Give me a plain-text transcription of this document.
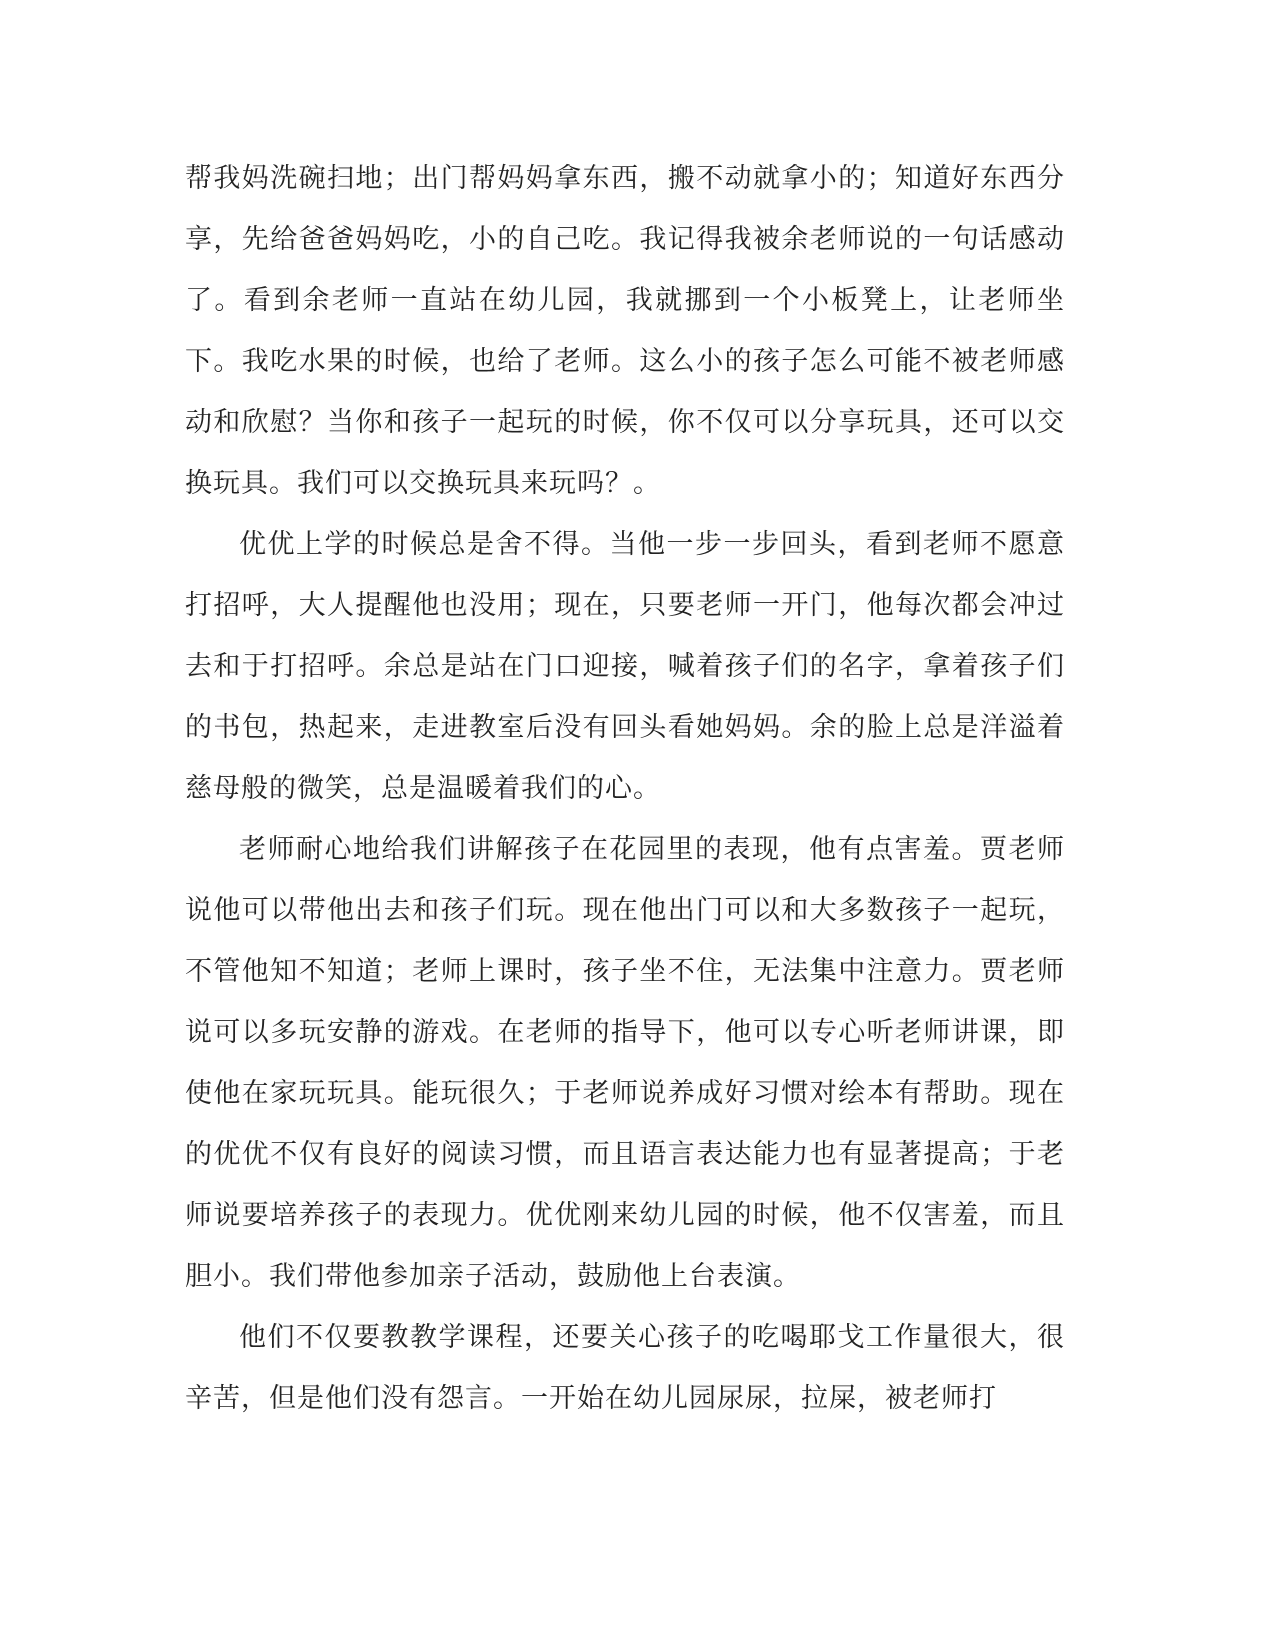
帮我妈洗碗扫地；出门帮妈妈拿东西，搬不动就拿小的；知道好东西分享，先给爸爸妈妈吃，小的自己吃。我记得我被余老师说的一句话感动了。看到余老师一直站在幼儿园，我就挪到一个小板凳上，让老师坐下。我吃水果的时候，也给了老师。这么小的孩子怎么可能不被老师感动和欣慰？当你和孩子一起玩的时候，你不仅可以分享玩具，还可以交换玩具。我们可以交换玩具来玩吗？。

优优上学的时候总是舍不得。当他一步一步回头，看到老师不愿意打招呼，大人提醒他也没用；现在，只要老师一开门，他每次都会冲过去和于打招呼。余总是站在门口迎接，喊着孩子们的名字，拿着孩子们的书包，热起来，走进教室后没有回头看她妈妈。余的脸上总是洋溢着慈母般的微笑，总是温暖着我们的心。

老师耐心地给我们讲解孩子在花园里的表现，他有点害羞。贾老师说他可以带他出去和孩子们玩。现在他出门可以和大多数孩子一起玩，不管他知不知道；老师上课时，孩子坐不住，无法集中注意力。贾老师说可以多玩安静的游戏。在老师的指导下，他可以专心听老师讲课，即使他在家玩玩具。能玩很久；于老师说养成好习惯对绘本有帮助。现在的优优不仅有良好的阅读习惯，而且语言表达能力也有显著提高；于老师说要培养孩子的表现力。优优刚来幼儿园的时候，他不仅害羞，而且胆小。我们带他参加亲子活动，鼓励他上台表演。

他们不仅要教教学课程，还要关心孩子的吃喝耶戈工作量很大，很辛苦，但是他们没有怨言。一开始在幼儿园尿尿，拉屎，被老师打
